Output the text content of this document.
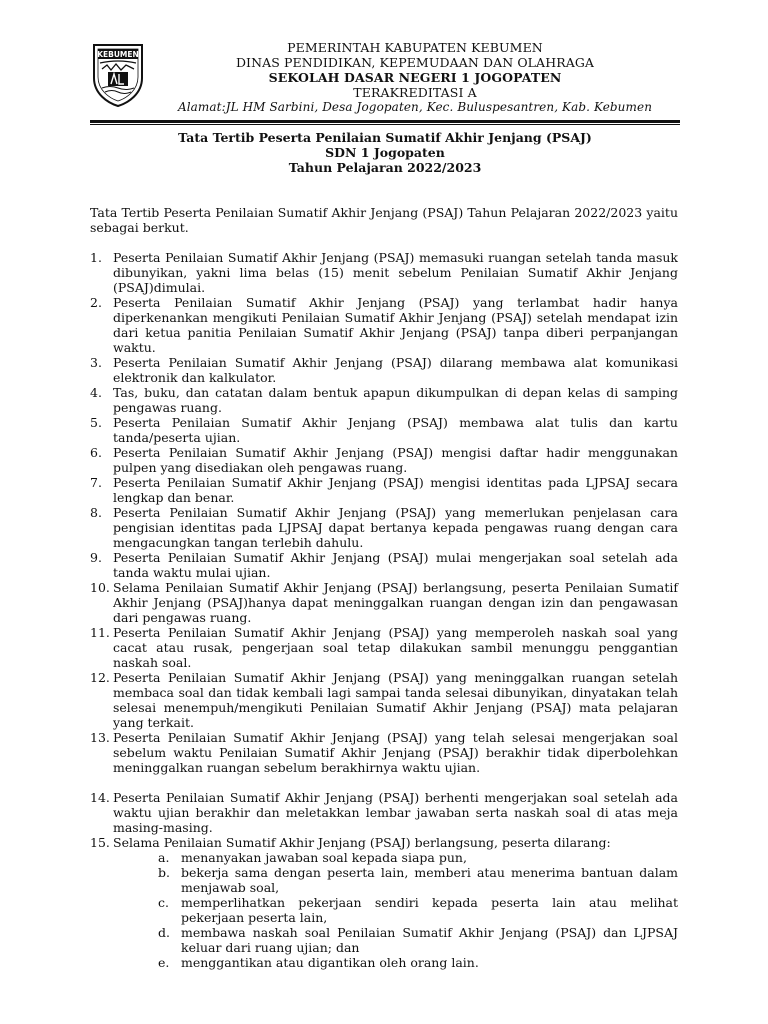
KEBUMEN	PEMERINTAH KABUPATEN KEBUMEN
DINAS PENDIDIKAN, KEPEMUDAAN DAN OLAHRAGA
SEKOLAH DASAR NEGERI 1 JOGOPATEN
TERAKREDITASI A
Alamat:JL HM Sarbini, Desa Jogopaten, Kec. Buluspesantren, Kab. Kebumen
Tata Tertib Peserta Penilaian Sumatif Akhir Jenjang (PSAJ)
SDN 1 Jogopaten
Tahun Pelajaran 2022/2023
Tata Tertib Peserta Penilaian Sumatif Akhir Jenjang (PSAJ) Tahun Pelajaran 2022/2023 yaitu sebagai berkut.
1. Peserta Penilaian Sumatif Akhir Jenjang (PSAJ) memasuki ruangan setelah tanda masuk dibunyikan, yakni lima belas (15) menit sebelum Penilaian Sumatif Akhir Jenjang (PSAJ)dimulai.
2. Peserta Penilaian Sumatif Akhir Jenjang (PSAJ) yang terlambat hadir hanya diperkenankan mengikuti Penilaian Sumatif Akhir Jenjang (PSAJ) setelah mendapat izin dari ketua panitia Penilaian Sumatif Akhir Jenjang (PSAJ) tanpa diberi perpanjangan waktu.
3. Peserta Penilaian Sumatif Akhir Jenjang (PSAJ) dilarang membawa alat komunikasi elektronik dan kalkulator.
4. Tas, buku, dan catatan dalam bentuk apapun dikumpulkan di depan kelas di samping pengawas ruang.
5. Peserta Penilaian Sumatif Akhir Jenjang (PSAJ) membawa alat tulis dan kartu tanda/peserta ujian.
6. Peserta Penilaian Sumatif Akhir Jenjang (PSAJ) mengisi daftar hadir menggunakan pulpen yang disediakan oleh pengawas ruang.
7. Peserta Penilaian Sumatif Akhir Jenjang (PSAJ) mengisi identitas pada LJPSAJ secara lengkap dan benar.
8. Peserta Penilaian Sumatif Akhir Jenjang (PSAJ) yang memerlukan penjelasan cara pengisian identitas pada LJPSAJ dapat bertanya kepada pengawas ruang dengan cara mengacungkan tangan terlebih dahulu.
9. Peserta Penilaian Sumatif Akhir Jenjang (PSAJ) mulai mengerjakan soal setelah ada tanda waktu mulai ujian.
10. Selama Penilaian Sumatif Akhir Jenjang (PSAJ) berlangsung, peserta Penilaian Sumatif Akhir Jenjang (PSAJ)hanya dapat meninggalkan ruangan dengan izin dan pengawasan dari pengawas ruang.
11. Peserta Penilaian Sumatif Akhir Jenjang (PSAJ) yang memperoleh naskah soal yang cacat atau rusak, pengerjaan soal tetap dilakukan sambil menunggu penggantian naskah soal.
12. Peserta Penilaian Sumatif Akhir Jenjang (PSAJ) yang meninggalkan ruangan setelah membaca soal dan tidak kembali lagi sampai tanda selesai dibunyikan, dinyatakan telah selesai menempuh/mengikuti Penilaian Sumatif Akhir Jenjang (PSAJ) mata pelajaran yang terkait.
13. Peserta Penilaian Sumatif Akhir Jenjang (PSAJ) yang telah selesai mengerjakan soal sebelum waktu Penilaian Sumatif Akhir Jenjang (PSAJ) berakhir tidak diperbolehkan meninggalkan ruangan sebelum berakhirnya waktu ujian.
14. Peserta Penilaian Sumatif Akhir Jenjang (PSAJ) berhenti mengerjakan soal setelah ada waktu ujian berakhir dan meletakkan lembar jawaban serta naskah soal di atas meja masing-masing.
15. Selama Penilaian Sumatif Akhir Jenjang (PSAJ) berlangsung, peserta dilarang:
a. menanyakan jawaban soal kepada siapa pun,
b. bekerja sama dengan peserta lain, memberi atau menerima bantuan dalam menjawab soal,
c. memperlihatkan pekerjaan sendiri kepada peserta lain atau melihat pekerjaan peserta lain,
d. membawa naskah soal Penilaian Sumatif Akhir Jenjang (PSAJ) dan LJPSAJ keluar dari ruang ujian; dan
e. menggantikan atau digantikan oleh orang lain.
